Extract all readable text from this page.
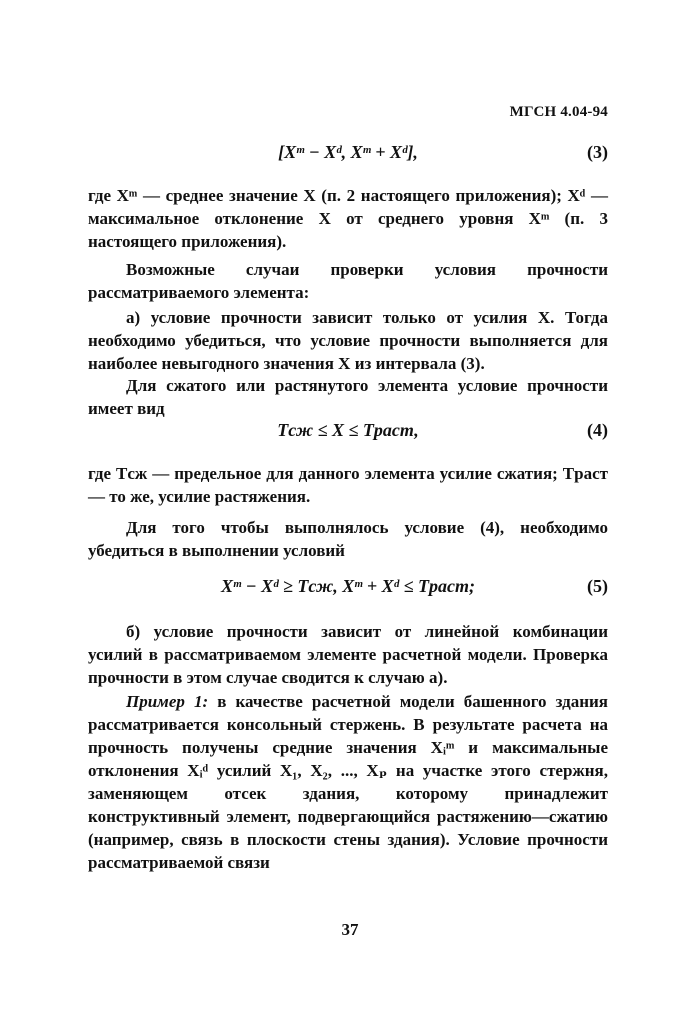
МГСН 4.04-94
[Xᵐ − Xᵈ, Xᵐ + Xᵈ],	(3)
где Xᵐ — среднее значение X (п. 2 настоящего приложения); Xᵈ — максимальное отклонение X от среднего уровня Xᵐ (п. 3 настоящего приложения).
Возможные случаи проверки условия прочности рассматриваемого элемента:
а) условие прочности зависит только от усилия X. Тогда необходимо убедиться, что условие прочности выполняется для наиболее невыгодного значения X из интервала (3).
Для сжатого или растянутого элемента условие прочности имеет вид
Tсж ≤ X ≤ Tраст,	(4)
где Tсж — предельное для данного элемента усилие сжатия; Tраст — то же, усилие растяжения.
Для того чтобы выполнялось условие (4), необходимо убедиться в выполнении условий
Xᵐ − Xᵈ ≥ Tсж, Xᵐ + Xᵈ ≤ Tраст;	(5)
б) условие прочности зависит от линейной комбинации усилий в рассматриваемом элементе расчетной модели. Проверка прочности в этом случае сводится к случаю а).
Пример 1: в качестве расчетной модели башенного здания рассматривается консольный стержень. В результате расчета на прочность получены средние значения Xᵢᵐ и максимальные отклонения Xᵢᵈ усилий X₁, X₂, ..., Xₚ на участке этого стержня, заменяющем отсек здания, которому принадлежит конструктивный элемент, подвергающийся растяжению—сжатию (например, связь в плоскости стены здания). Условие прочности рассматриваемой связи
37
